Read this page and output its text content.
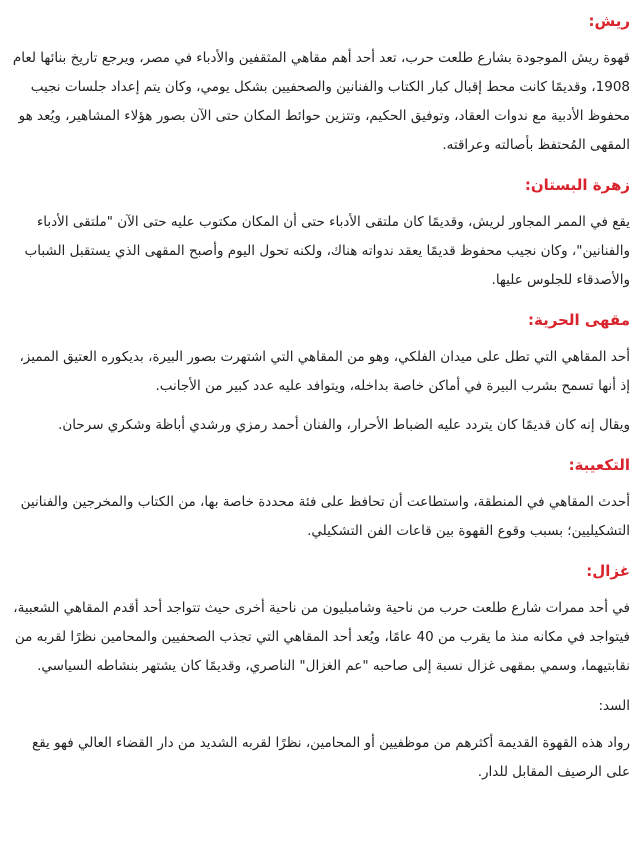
ريش:

قهوة ريش الموجودة بشارع طلعت حرب، تعد أحد أهم مقاهي المثقفين والأدباء في مصر، ويرجع تاريخ بنائها لعام 1908، وقديمًا كانت محط إقبال كبار الكتاب والفنانين والصحفيين بشكل يومي، وكان يتم إعداد جلسات نجيب محفوظ الأدبية مع ندوات العقاد، وتوفيق الحكيم، وتتزين حوائط المكان حتى الآن بصور هؤلاء المشاهير، ويُعد هو المقهى المُحتفظ بأصالته وعراقته.

زهرة البستان:

يقع في الممر المجاور لريش، وقديمًا كان ملتقى الأدباء حتى أن المكان مكتوب عليه حتى الآن "ملتقى الأدباء والفنانين"، وكان نجيب محفوظ قديمًا يعقد ندواته هناك، ولكنه تحول اليوم وأصبح المقهى الذي يستقبل الشباب والأصدقاء للجلوس عليها.

مقهى الحرية:

أحد المقاهي التي تطل على ميدان الفلكي، وهو من المقاهي التي اشتهرت بصور البيرة، بديكوره العتيق المميز، إذ أنها تسمح بشرب البيرة في أماكن خاصة بداخله، ويتوافد عليه عدد كبير من الأجانب.

ويقال إنه كان قديمًا كان يتردد عليه الضباط الأحرار، والفنان أحمد رمزي ورشدي أباظة وشكري سرحان.

التكعيبة:

أحدث المقاهي في المنطقة، واستطاعت أن تحافظ على فئة محددة خاصة بها، من الكتاب والمخرجين والفنانين التشكيليين؛ بسبب وقوع القهوة بين قاعات الفن التشكيلي.

غزال:

في أحد ممرات شارع طلعت حرب من ناحية وشامبليون من ناحية أخرى حيث تتواجد أحد أقدم المقاهي الشعبية، فيتواجد في مكانه منذ ما يقرب من 40 عامًا، ويُعد أحد المقاهي التي تجذب الصحفيين والمحامين نظرًا لقربه من نقابتيهما، وسمي بمقهى غزال نسبة إلى صاحبه "عم الغزال" الناصري، وقديمًا كان يشتهر بنشاطه السياسي.

السد:

رواد هذه القهوة القديمة أكثرهم من موظفيين أو المحامين، نظرًا لقربه الشديد من دار القضاء العالي فهو يقع على الرصيف المقابل للدار.
